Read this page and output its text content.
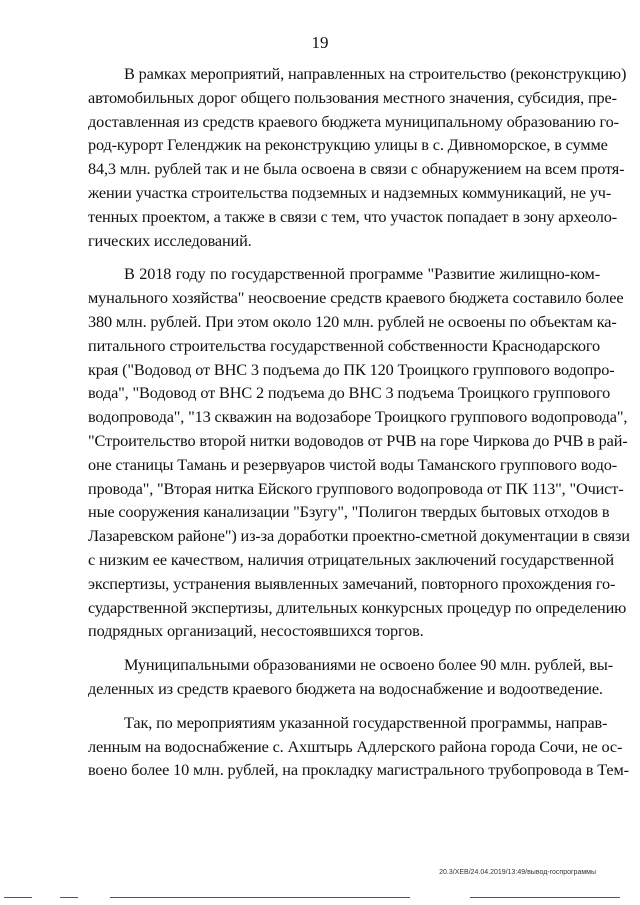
19
В рамках мероприятий, направленных на строительство (реконструкцию)
автомобильных дорог общего пользования местного значения, субсидия, пре-
доставленная из средств краевого бюджета муниципальному образованию го-
род-курорт Геленджик на реконструкцию улицы в с. Дивноморское, в сумме
84,3 млн. рублей так и не была освоена в связи с обнаружением на всем протя-
жении участка строительства подземных и надземных коммуникаций, не уч-
тенных проектом, а также в связи с тем, что участок попадает в зону археоло-
гических исследований.
В 2018 году по государственной программе "Развитие жилищно-ком-
мунального хозяйства" неосвоение средств краевого бюджета составило более
380 млн. рублей. При этом около 120 млн. рублей не освоены по объектам ка-
питального строительства государственной собственности Краснодарского
края ("Водовод от ВНС 3 подъема до ПК 120 Троицкого группового водопро-
вода", "Водовод от ВНС 2 подъема до ВНС 3 подъема Троицкого группового
водопровода", "13 скважин на водозаборе Троицкого группового водопровода",
"Строительство второй нитки водоводов от РЧВ на горе Чиркова до РЧВ в рай-
оне станицы Тамань и резервуаров чистой воды Таманского группового водо-
провода", "Вторая нитка Ейского группового водопровода от ПК 113", "Очист-
ные сооружения канализации "Бзугу", "Полигон твердых бытовых отходов в
Лазаревском районе") из-за доработки проектно-сметной документации в связи
с низким ее качеством, наличия отрицательных заключений государственной
экспертизы, устранения выявленных замечаний, повторного прохождения го-
сударственной экспертизы, длительных конкурсных процедур по определению
подрядных организаций, несостоявшихся торгов.
Муниципальными образованиями не освоено более 90 млн. рублей, вы-
деленных из средств краевого бюджета на водоснабжение и водоотведение.
Так, по мероприятиям указанной государственной программы, направ-
ленным на водоснабжение с. Ахштырь Адлерского района города Сочи, не ос-
воено более 10 млн. рублей, на прокладку магистрального трубопровода в Тем-
20.3/XEB/24.04.2019/13:49/вывод-госпрограммы
